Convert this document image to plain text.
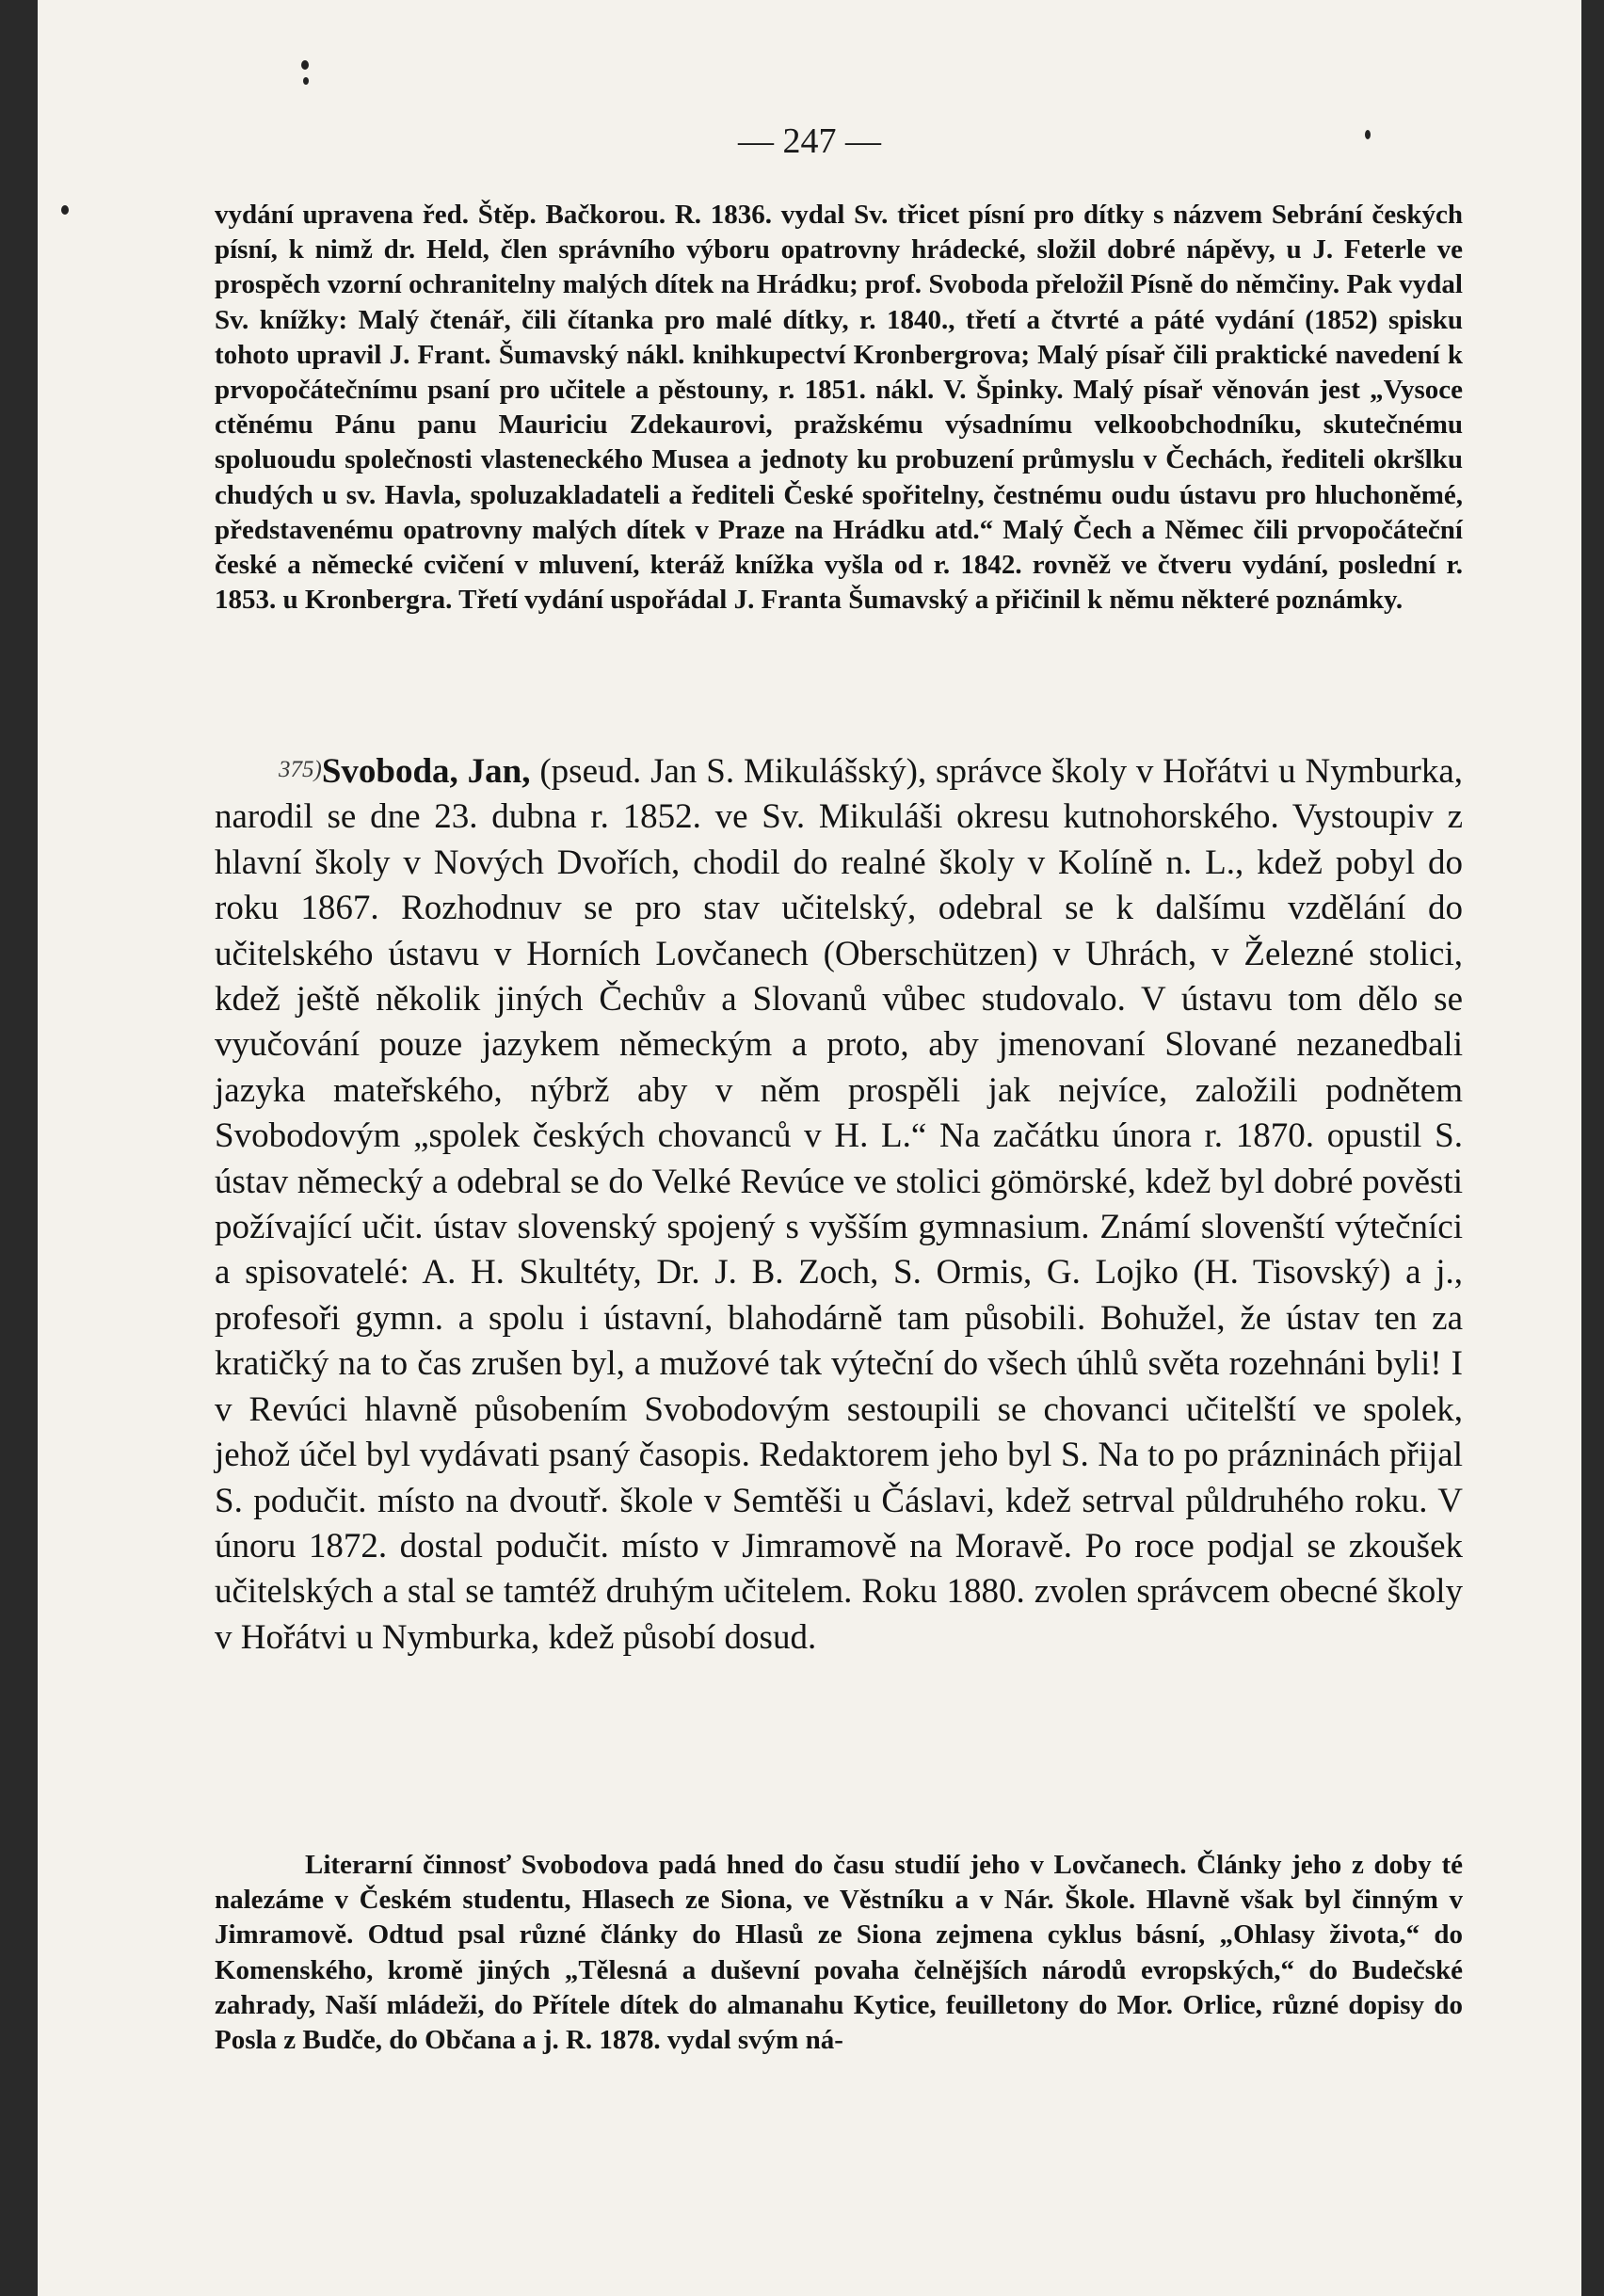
— 247 —
vydání upravena řed. Štěp. Bačkorou. R. 1836. vydal Sv. třicet písní pro dítky s názvem Sebrání českých písní, k nimž dr. Held, člen správního výboru opatrovny hrádecké, složil dobré nápěvy, u J. Feterle ve prospěch vzorní ochranitelny malých dítek na Hrádku; prof. Svoboda přeložil Písně do němčiny. Pak vydal Sv. knížky: Malý čtenář, čili čítanka pro malé dítky, r. 1840., třetí a čtvrté a páté vydání (1852) spisku tohoto upravil J. Frant. Šumavský nákl. knihkupectví Kronbergrova; Malý písař čili praktické navedení k prvopočátečnímu psaní pro učitele a pěstouny, r. 1851. nákl. V. Špinky. Malý písař věnován jest „Vysoce ctěnému Pánu panu Mauriciu Zdekaurovi, pražskému výsadnímu velkoobchodníku, skutečnému spoluoudu společnosti vlasteneckého Musea a jednoty ku probuzení průmyslu v Čechách, řediteli okršlku chudých u sv. Havla, spoluzakladateli a řediteli České spořitelny, čestnému oudu ústavu pro hluchoněmé, představenému opatrovny malých dítek v Praze na Hrádku atd.“ Malý Čech a Němec čili prvopočáteční české a německé cvičení v mluvení, kteráž knížka vyšla od r. 1842. rovněž ve čtveru vydání, poslední r. 1853. u Kronbergra. Třetí vydání uspořádal J. Franta Šumavský a přičinil k němu některé poznámky.
375)Svoboda, Jan, (pseud. Jan S. Mikulášský), správce školy v Hořátvi u Nymburka, narodil se dne 23. dubna r. 1852. ve Sv. Mikuláši okresu kutnohorského. Vystoupiv z hlavní školy v Nových Dvořích, chodil do realné školy v Kolíně n. L., kdež pobyl do roku 1867. Rozhodnuv se pro stav učitelský, odebral se k dalšímu vzdělání do učitelského ústavu v Horních Lovčanech (Oberschützen) v Uhrách, v Železné stolici, kdež ještě několik jiných Čechův a Slovanů vůbec studovalo. V ústavu tom dělo se vyučování pouze jazykem německým a proto, aby jmenovaní Slované nezanedbali jazyka mateřského, nýbrž aby v něm prospěli jak nejvíce, založili podnětem Svobodovým „spolek českých chovanců v H. L.“ Na začátku února r. 1870. opustil S. ústav německý a odebral se do Velké Revúce ve stolici gömörské, kdež byl dobré pověsti požívající učit. ústav slovenský spojený s vyšším gymnasium. Známí slovenští výtečníci a spisovatelé: A. H. Skultéty, Dr. J. B. Zoch, S. Ormis, G. Lojko (H. Tisovský) a j., profesoři gymn. a spolu i ústavní, blahodárně tam působili. Bohužel, že ústav ten za kratičký na to čas zrušen byl, a mužové tak výteční do všech úhlů světa rozehnáni byli! I v Revúci hlavně působením Svobodovým sestoupili se chovanci učitelští ve spolek, jehož účel byl vydávati psaný časopis. Redaktorem jeho byl S. Na to po prázninách přijal S. podučit. místo na dvoutř. škole v Semtěši u Čáslavi, kdež setrval půldruhého roku. V únoru 1872. dostal podučit. místo v Jimramově na Moravě. Po roce podjal se zkoušek učitelských a stal se tamtéž druhým učitelem. Roku 1880. zvolen správcem obecné školy v Hořátvi u Nymburka, kdež působí dosud.
Literarní činnosť Svobodova padá hned do času studií jeho v Lovčanech. Články jeho z doby té nalezáme v Českém studentu, Hlasech ze Siona, ve Věstníku a v Nár. Škole. Hlavně však byl činným v Jimramově. Odtud psal různé články do Hlasů ze Siona zejmena cyklus básní, „Ohlasy života,“ do Komenského, kromě jiných „Tělesná a duševní povaha čelnějších národů evropských,“ do Budečské zahrady, Naší mládeži, do Přítele dítek do almanahu Kytice, feuilletony do Mor. Orlice, různé dopisy do Posla z Budče, do Občana a j. R. 1878. vydal svým ná-
